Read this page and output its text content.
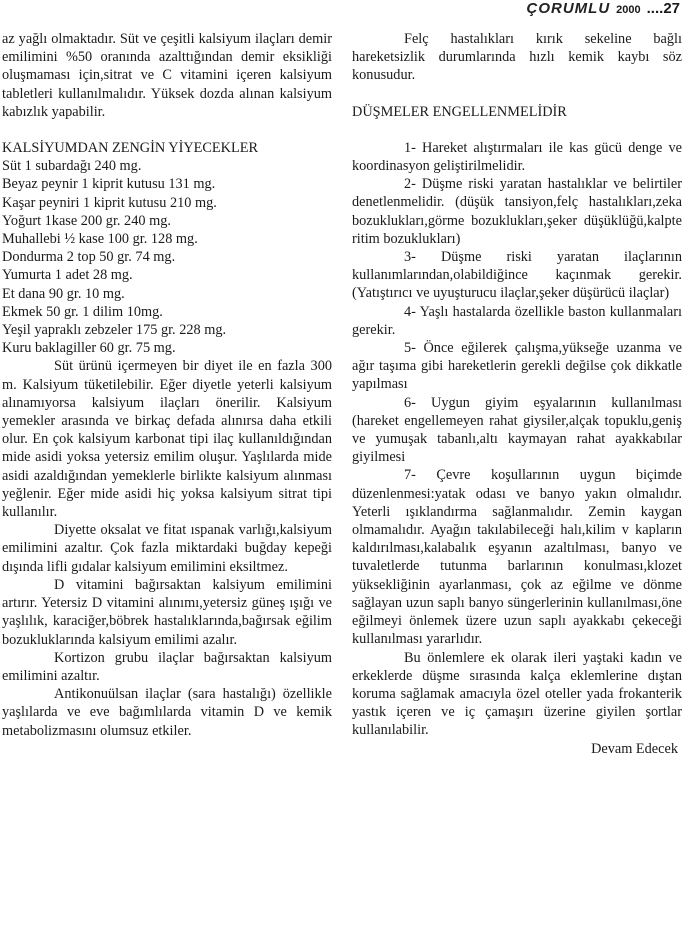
ÇORUMLU 2000 ....27

az yağlı olmaktadır. Süt ve çeşitli kalsiyum ilaçları demir emilimini %50 oranında azalttığından demir eksikliği oluşmaması için,sitrat ve C vitamini içeren kalsiyum tabletleri kullanılmalıdır. Yüksek dozda alınan kalsiyum kabızlık yapabilir.

KALSİYUMDAN ZENGİN YİYECEKLER

Süt 1 subardağı 240 mg.

Beyaz peynir 1 kiprit kutusu 131 mg.

Kaşar peyniri 1 kiprit kutusu 210 mg.

Yoğurt 1kase 200 gr. 240 mg.

Muhallebi ½ kase 100 gr. 128 mg.

Dondurma 2 top 50 gr. 74 mg.

Yumurta 1 adet 28 mg.

Et dana 90 gr. 10 mg.

Ekmek 50 gr. 1 dilim 10mg.

Yeşil yapraklı zebzeler 175 gr. 228 mg.

Kuru baklagiller 60 gr. 75 mg.

Süt ürünü içermeyen bir diyet ile en fazla 300 m. Kalsiyum tüketilebilir. Eğer diyetle yeterli kalsiyum alınamıyorsa kalsiyum ilaçları önerilir. Kalsiyum yemekler arasında ve birkaç defada alınırsa daha etkili olur. En çok kalsiyum karbonat tipi ilaç kullanıldığından mide asidi yoksa yetersiz emilim oluşur. Yaşlılarda mide asidi azaldığından yemeklerle birlikte kalsiyum alınması yeğlenir. Eğer mide asidi hiç yoksa kalsiyum sitrat tipi kullanılır.

Diyette oksalat ve fitat ıspanak varlığı,kalsiyum emilimini azaltır. Çok fazla miktardaki buğday kepeği dışında lifli gıdalar kalsiyum emilimini eksiltmez.

D vitamini bağırsaktan kalsiyum emilimini artırır. Yetersiz D vitamini alınımı,yetersiz güneş ışığı ve yaşlılık, karaciğer,böbrek hastalıklarında,bağırsak eğilim bozukluklarında kalsiyum emilimi azalır.

Kortizon grubu ilaçlar bağırsaktan kalsiyum emilimini azaltır.

Antikonuülsan ilaçlar (sara hastalığı) özellikle yaşlılarda ve eve bağımlılarda vitamin D ve kemik metabolizmasını olumsuz etkiler.

Felç hastalıkları kırık sekeline bağlı hareketsizlik durumlarında hızlı kemik kaybı söz konusudur.

DÜŞMELER ENGELLENMELİDİR

1- Hareket alıştırmaları ile kas gücü denge ve koordinasyon geliştirilmelidir.

2- Düşme riski yaratan hastalıklar ve belirtiler denetlenmelidir. (düşük tansiyon,felç hastalıkları,zeka bozuklukları,görme bozuklukları,şeker düşüklüğü,kalpte ritim bozuklukları)

3- Düşme riski yaratan ilaçlarının kullanımlarından,olabildiğince kaçınmak gerekir. (Yatıştırıcı ve uyuşturucu ilaçlar,şeker düşürücü ilaçlar)

4- Yaşlı hastalarda özellikle baston kullanmaları gerekir.

5- Önce eğilerek çalışma,yükseğe uzanma ve ağır taşıma gibi hareketlerin gerekli değilse çok dikkatle yapılması

6- Uygun giyim eşyalarının kullanılması (hareket engellemeyen rahat giysiler,alçak topuklu,geniş ve yumuşak tabanlı,altı kaymayan rahat ayakkabılar giyilmesi

7- Çevre koşullarının uygun biçimde düzenlenmesi:yatak odası ve banyo yakın olmalıdır. Yeterli ışıklandırma sağlanmalıdır. Zemin kaygan olmamalıdır. Ayağın takılabileceği halı,kilim v kapların kaldırılması,kalabalık eşyanın azaltılması, banyo ve tuvaletlerde tutunma barlarının konulması,klozet yüksekliğinin ayarlanması, çok az eğilme ve dönme sağlayan uzun saplı banyo süngerlerinin kullanılması,öne eğilmeyi önlemek üzere uzun saplı ayakkabı çekeceği kullanılması yararlıdır.

Bu önlemlere ek olarak ileri yaştaki kadın ve erkeklerde düşme sırasında kalça eklemlerine dıştan koruma sağlamak amacıyla özel oteller yada frokanterik yastık içeren ve iç çamaşırı üzerine giyilen şortlar kullanılabilir.

Devam Edecek
